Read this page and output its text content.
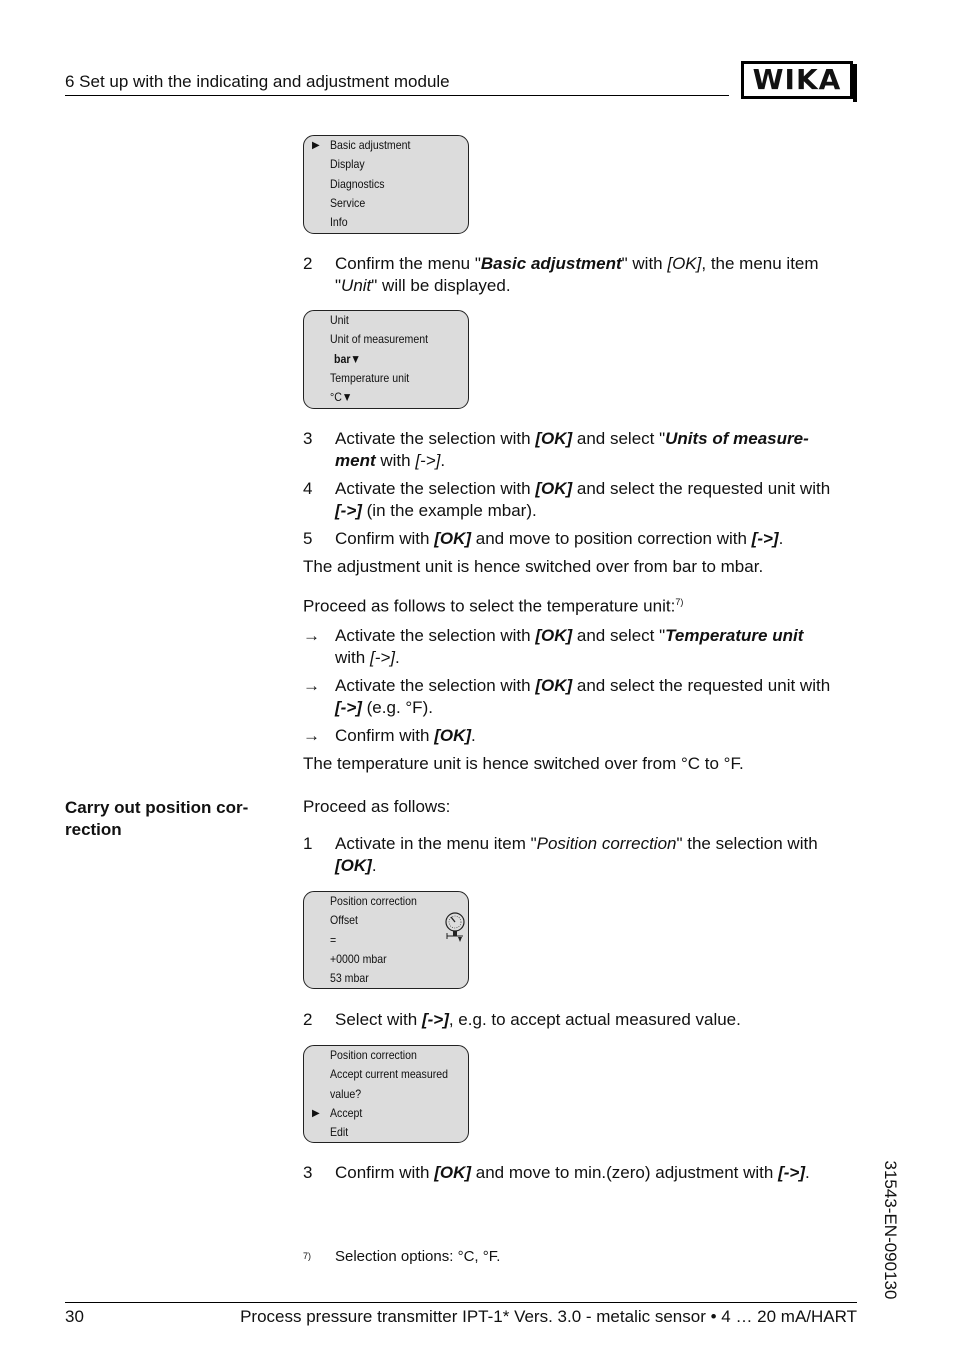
6 Set up with the indicating and adjustment module	WIKA
▶ Basic adjustment
Display
Diagnostics
Service
Info
2	Confirm the menu "Basic adjustment" with [OK], the menu item
"Unit" will be displayed.
Unit
Unit of measurement
bar▼
Temperature unit
°C▼
3	Activate the selection with [OK] and select "Units of measure-
ment with [->].
4	Activate the selection with [OK] and select the requested unit with
[->] (in the example mbar).
5	Confirm with [OK] and move to position correction with [->].
The adjustment unit is hence switched over from bar to mbar.
Proceed as follows to select the temperature unit:$^{7)}$
→ Activate the selection with [OK] and select "Temperature unit
with [->].
→ Activate the selection with [OK] and select the requested unit with
[->] (e.g. °F).
→ Confirm with [OK].
The temperature unit is hence switched over from °C to °F.
Carry out position cor-
rection
Proceed as follows:
1	Activate in the menu item "Position correction" the selection with
[OK].
Position correction
Offset
=
+0000 mbar
53 mbar
2	Select with [->], e.g. to accept actual measured value.
Position correction
Accept current measured
value?
▶ Accept
Edit
3	Confirm with [OK] and move to min.(zero) adjustment with [->].
7) Selection options: °C, °F.	31543-EN-090130
30	Process pressure transmitter IPT-1* Vers. 3.0 - metalic sensor • 4 … 20 mA/HART
